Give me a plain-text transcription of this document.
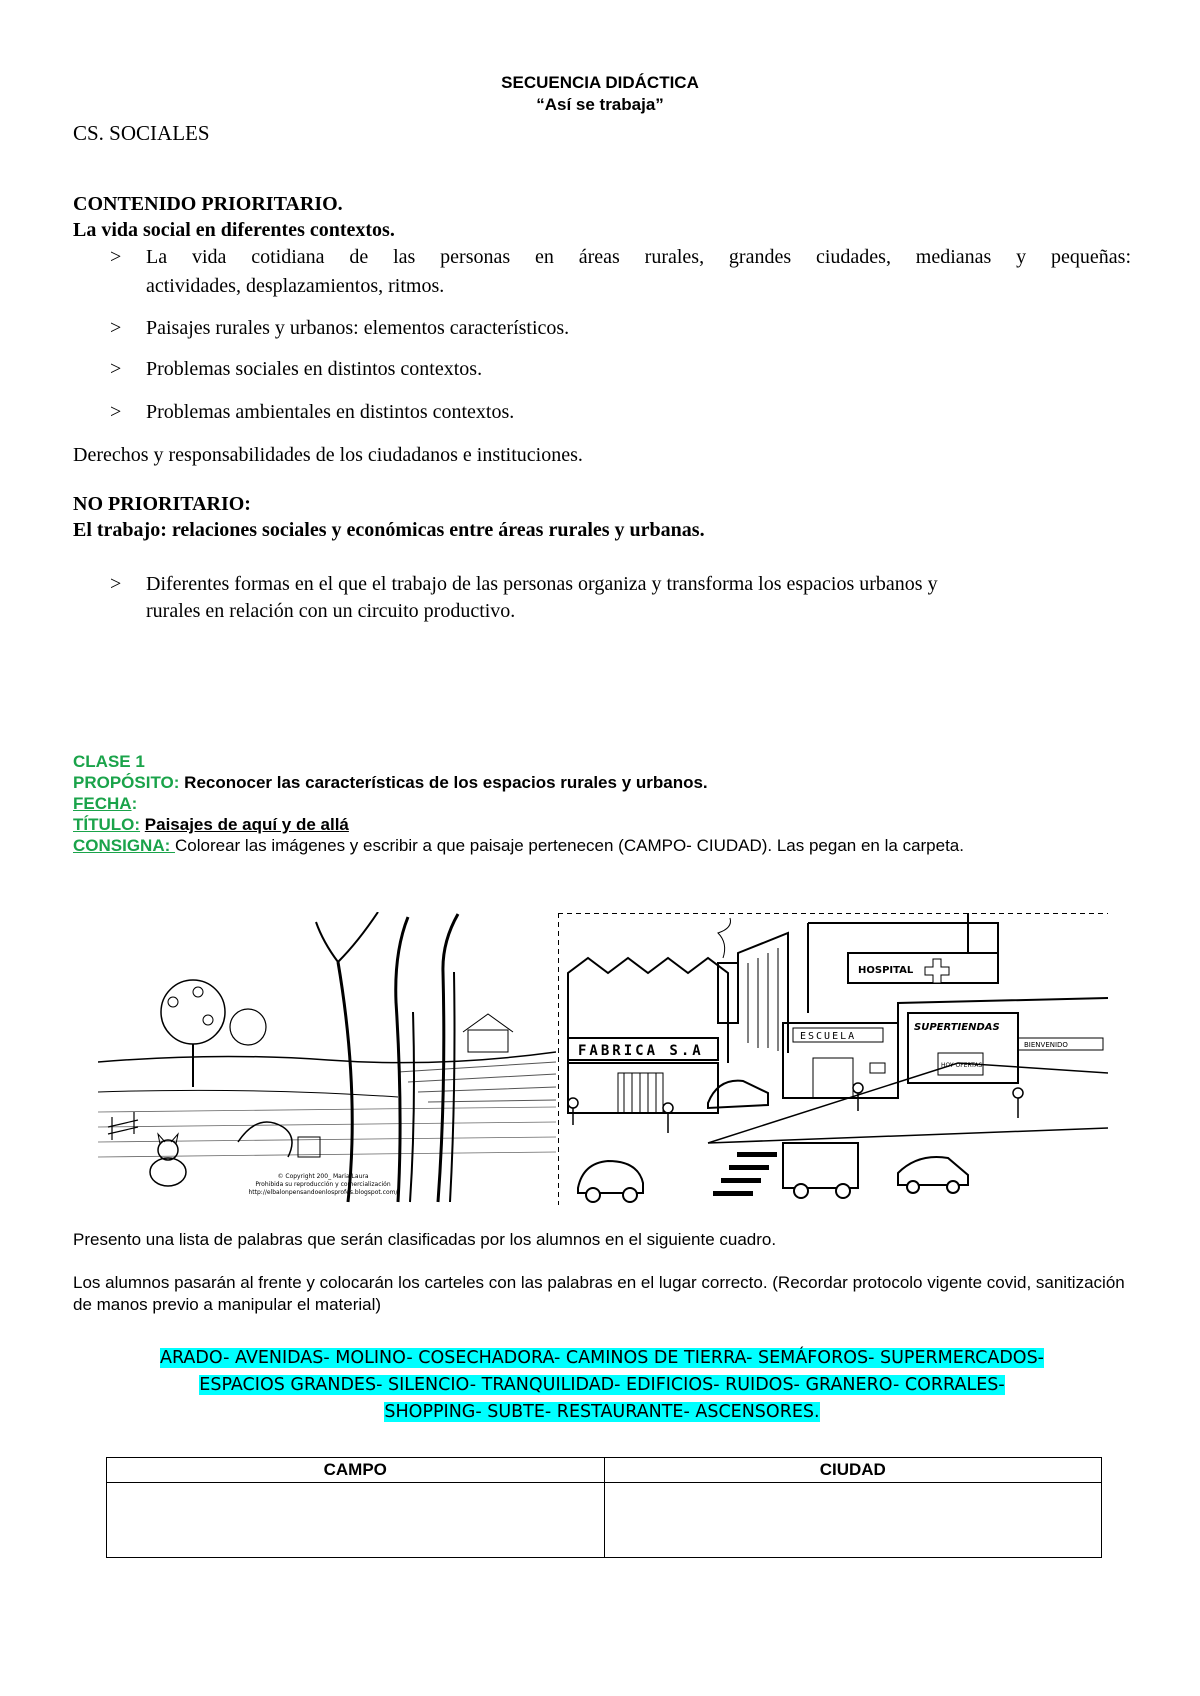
SECUENCIA DIDÁCTICA
“Así se trabaja”
CS. SOCIALES
CONTENIDO PRIORITARIO.
La vida social en diferentes contextos.
> La vida cotidiana de las personas en áreas rurales, grandes ciudades, medianas y pequeñas:
actividades, desplazamientos, ritmos.
> Paisajes rurales y urbanos: elementos característicos.
> Problemas sociales en distintos contextos.
> Problemas ambientales en distintos contextos.
Derechos y responsabilidades de los ciudadanos e instituciones.
NO PRIORITARIO:
El trabajo: relaciones sociales y económicas entre áreas rurales y urbanas.
> Diferentes formas en el que el trabajo de las personas organiza y transforma los espacios urbanos y
rurales en relación con un circuito productivo.
CLASE 1
PROPÓSITO: Reconocer las características de los espacios rurales y urbanos.
FECHA:
TÍTULO: Paisajes de aquí y de allá
CONSIGNA: Colorear las imágenes y escribir a que paisaje pertenecen (CAMPO- CIUDAD). Las pegan en la carpeta.
© Copyright 200_ Maria Laura
Prohibida su reproducción y comercialización
http://elbalonpensandoenlosprofes.blogspot.com/
FABRICA S.A
HOSPITAL
ESCUELA
SUPERTIENDAS
HOY OFERTAS
BIENVENIDO
Presento una lista de palabras que serán clasificadas por los alumnos en el siguiente cuadro.
Los alumnos pasarán al frente y colocarán los carteles con las palabras en el lugar correcto. (Recordar protocolo vigente covid, sanitización de manos previo a manipular el material)
ARADO- AVENIDAS- MOLINO- COSECHADORA- CAMINOS DE TIERRA- SEMÁFOROS- SUPERMERCADOS-
ESPACIOS GRANDES- SILENCIO- TRANQUILIDAD- EDIFICIOS- RUIDOS- GRANERO- CORRALES-
SHOPPING- SUBTE- RESTAURANTE- ASCENSORES.
CAMPO	CIUDAD
